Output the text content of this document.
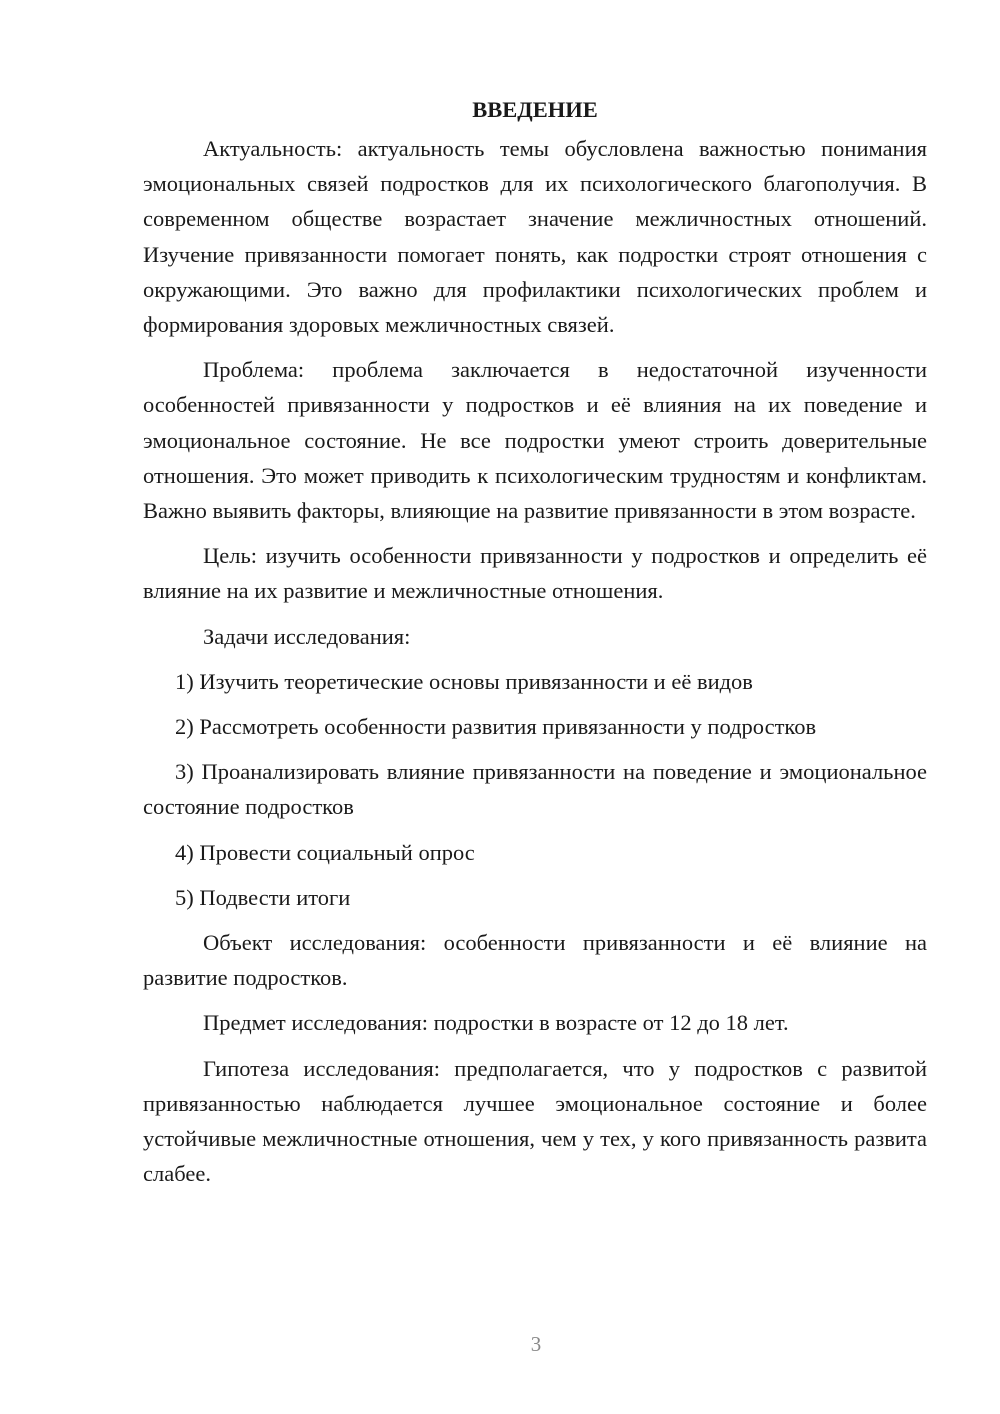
ВВЕДЕНИЕ

Актуальность: актуальность темы обусловлена важностью понимания эмоциональных связей подростков для их психологического благополучия. В современном обществе возрастает значение межличностных отношений. Изучение привязанности помогает понять, как подростки строят отношения с окружающими. Это важно для профилактики психологических проблем и формирования здоровых межличностных связей.

Проблема: проблема заключается в недостаточной изученности особенностей привязанности у подростков и её влияния на их поведение и эмоциональное состояние. Не все подростки умеют строить доверительные отношения. Это может приводить к психологическим трудностям и конфликтам. Важно выявить факторы, влияющие на развитие привязанности в этом возрасте.

Цель: изучить особенности привязанности у подростков и определить её влияние на их развитие и межличностные отношения.

Задачи исследования:

1) Изучить теоретические основы привязанности и её видов

2) Рассмотреть особенности развития привязанности у подростков

3) Проанализировать влияние привязанности на поведение и эмоциональное состояние подростков

4) Провести социальный опрос

5) Подвести итоги

Объект исследования: особенности привязанности и её влияние на развитие подростков.

Предмет исследования: подростки в возрасте от 12 до 18 лет.

Гипотеза исследования: предполагается, что у подростков с развитой привязанностью наблюдается лучшее эмоциональное состояние и более устойчивые межличностные отношения, чем у тех, у кого привязанность развита слабее.

3
